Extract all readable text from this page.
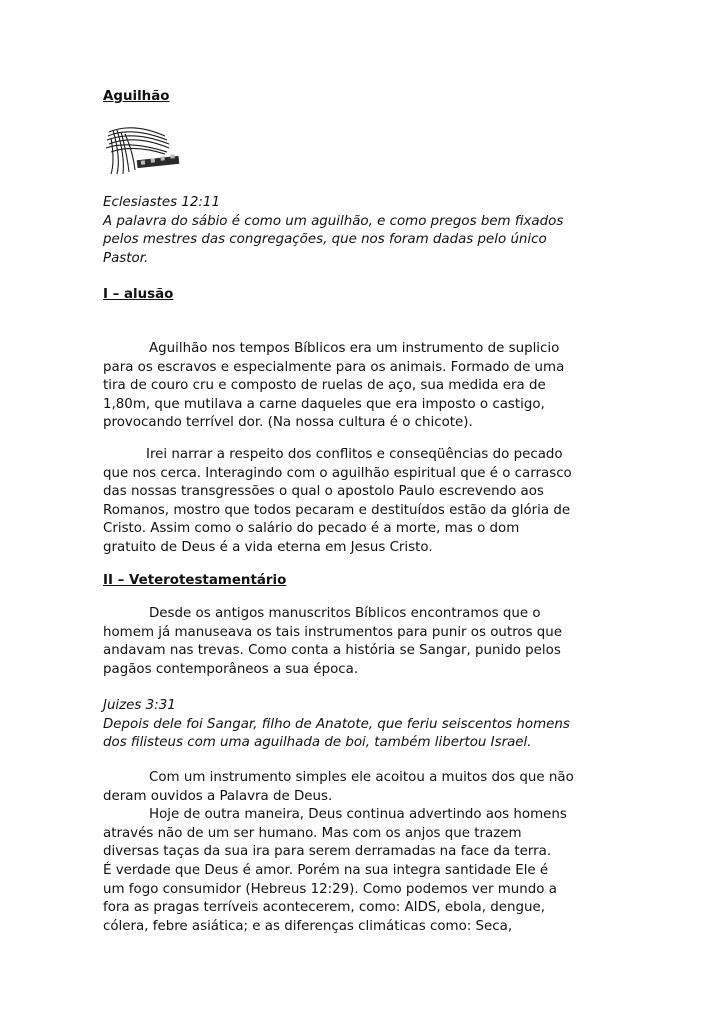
Aguilhão
Eclesiastes 12:11
A palavra do sábio é como um aguilhão, e como pregos bem fixados
pelos mestres das congregações, que nos foram dadas pelo único
Pastor.
I – alusão
Aguilhão nos tempos Bíblicos era um instrumento de suplicio
para os escravos e especialmente para os animais. Formado de uma
tira de couro cru e composto de ruelas de aço, sua medida era de
1,80m, que mutilava a carne daqueles que era imposto o castigo,
provocando terrível dor. (Na nossa cultura é o chicote).
Irei narrar a respeito dos conflitos e conseqüências do pecado
que nos cerca. Interagindo com o aguilhão espiritual que é o carrasco
das nossas transgressões o qual o apostolo Paulo escrevendo aos
Romanos, mostro que todos pecaram e destituídos estão da glória de
Cristo. Assim como o salário do pecado é a morte, mas o dom
gratuito de Deus é a vida eterna em Jesus Cristo.
II – Veterotestamentário
Desde os antigos manuscritos Bíblicos encontramos que o
homem já manuseava os tais instrumentos para punir os outros que
andavam nas trevas. Como conta a história se Sangar, punido pelos
pagãos contemporâneos a sua época.
Juizes 3:31
Depois dele foi Sangar, filho de Anatote, que feriu seiscentos homens
dos filisteus com uma aguilhada de boi, também libertou Israel.
Com um instrumento simples ele acoitou a muitos dos que não
deram ouvidos a Palavra de Deus.
Hoje de outra maneira, Deus continua advertindo aos homens
através não de um ser humano. Mas com os anjos que trazem
diversas taças da sua ira para serem derramadas na face da terra.
É verdade que Deus é amor. Porém na sua integra santidade Ele é
um fogo consumidor (Hebreus 12:29). Como podemos ver mundo a
fora as pragas terríveis acontecerem, como: AIDS, ebola, dengue,
cólera, febre asiática; e as diferenças climáticas como: Seca,
